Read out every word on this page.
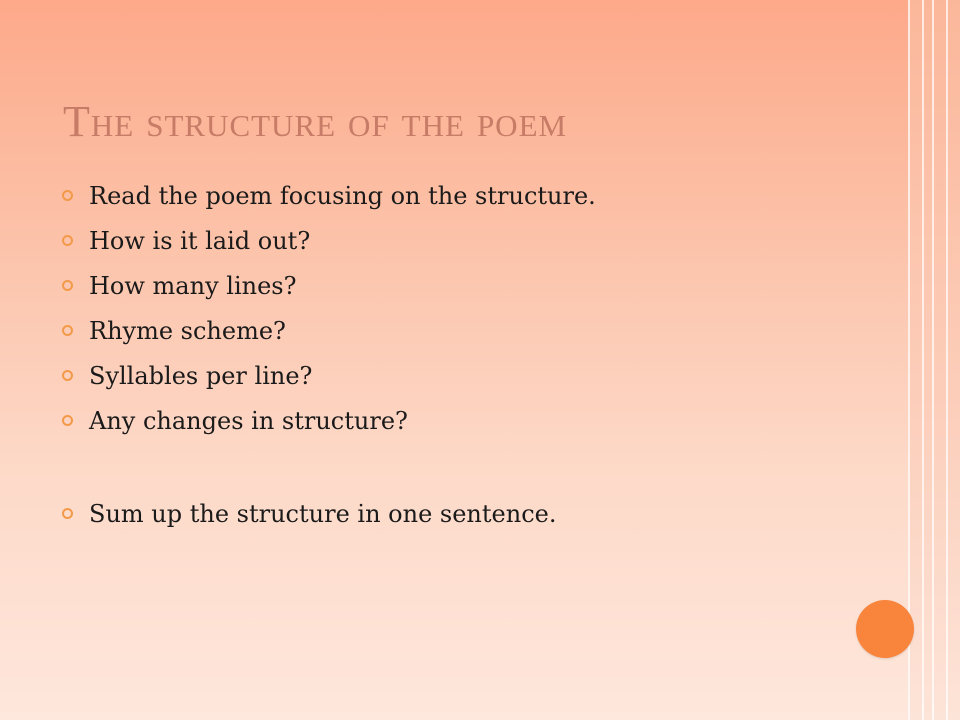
The structure of the poem
Read the poem focusing on the structure.
How is it laid out?
How many lines?
Rhyme scheme?
Syllables per line?
Any changes in structure?
Sum up the structure in one sentence.
